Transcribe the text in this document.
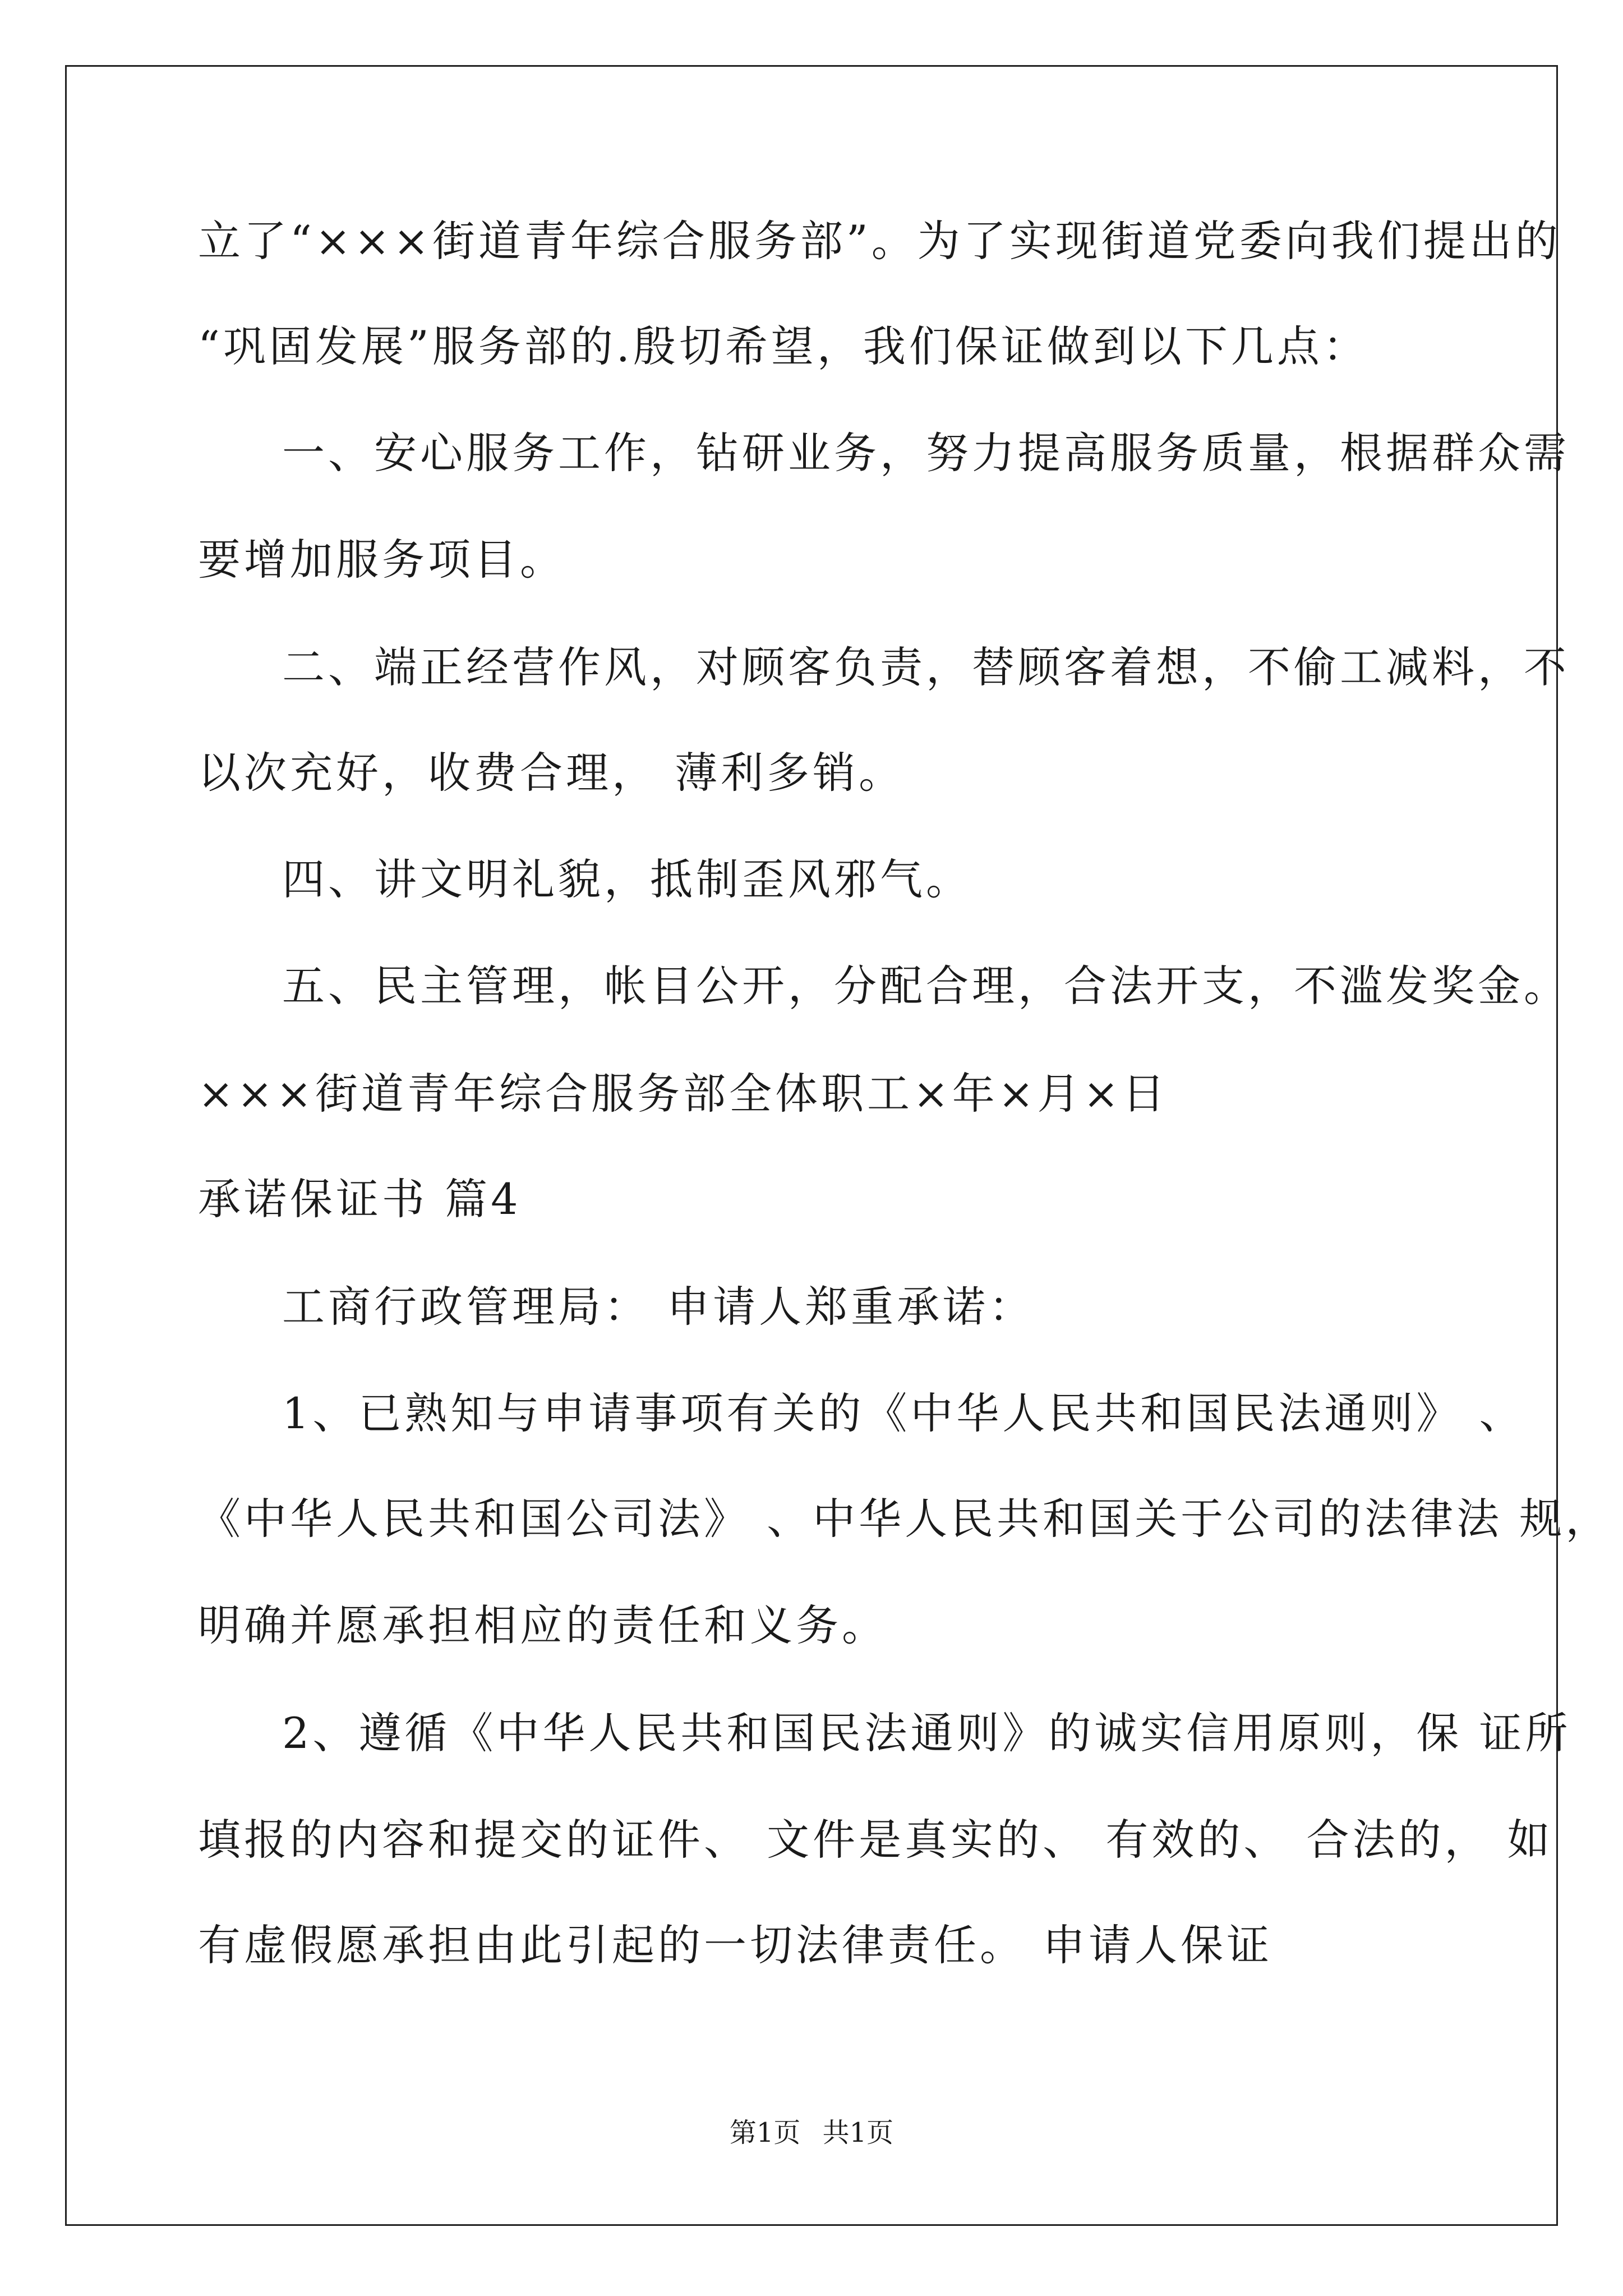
立了“×××街道青年综合服务部”。为了实现街道党委向我们提出的
“巩固发展”服务部的.殷切希望，我们保证做到以下几点：
一、安心服务工作，钻研业务，努力提高服务质量，根据群众需
要增加服务项目。
二、端正经营作风，对顾客负责，替顾客着想，不偷工减料，不
以次充好，收费合理， 薄利多销。
四、讲文明礼貌，抵制歪风邪气。
五、民主管理，帐目公开，分配合理，合法开支，不滥发奖金。
×××街道青年综合服务部全体职工×年×月×日
承诺保证书 篇4
工商行政管理局： 申请人郑重承诺：
1、已熟知与申请事项有关的《中华人民共和国民法通则》 、
《中华人民共和国公司法》 、中华人民共和国关于公司的法律法 规，
明确并愿承担相应的责任和义务。
2、遵循《中华人民共和国民法通则》的诚实信用原则，保 证所
填报的内容和提交的证件、 文件是真实的、 有效的、 合法的， 如
有虚假愿承担由此引起的一切法律责任。 申请人保证
第1页 共1页
